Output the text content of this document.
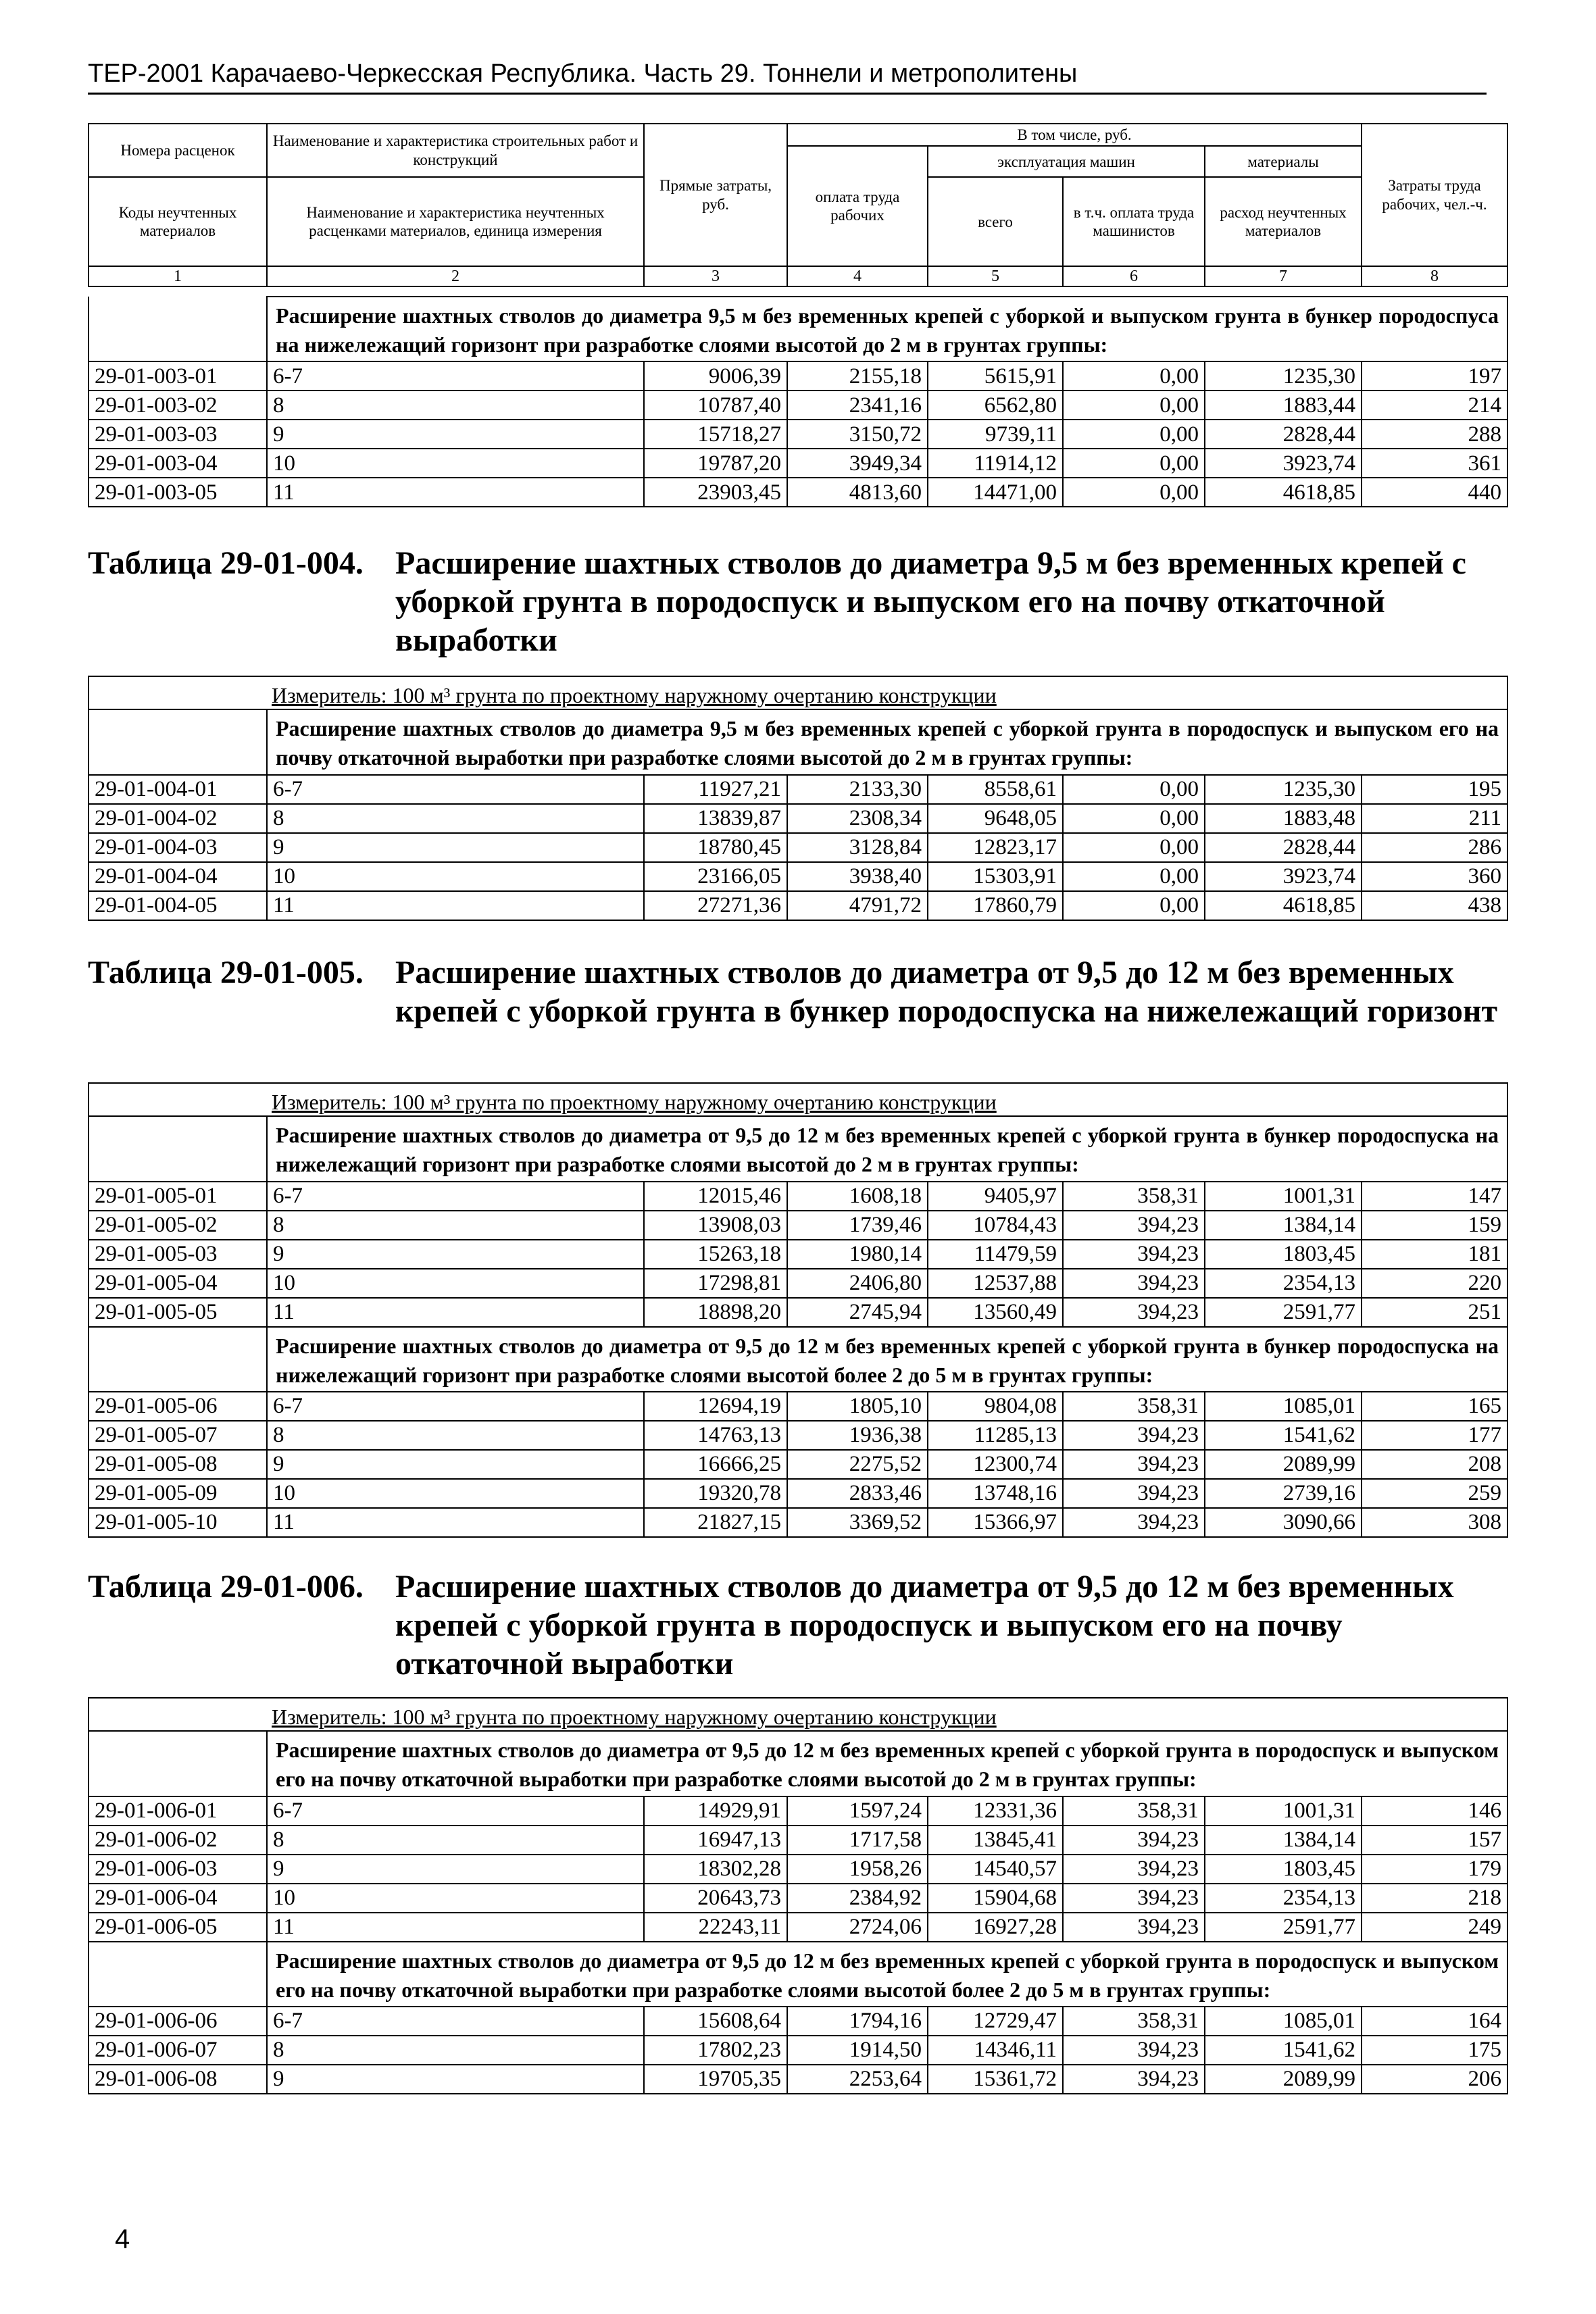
ТЕР-2001 Карачаево-Черкесская Республика. Часть 29. Тоннели и метрополитены
Номера расценок	Наименование и характеристика строительных работ и конструкций	Прямые затраты, руб.	В том числе, руб.				Затраты труда рабочих, чел.-ч.
			оплата труда рабочих	эксплуатация машин		материалы	
Коды неучтенных материалов	Наименование и характеристика неучтенных расценками материалов, единица измерения			всего	в т.ч. оплата труда машинистов	расход неучтенных материалов	
1	2	3	4	5	6	7	8
	Расширение шахтных стволов до диаметра 9,5 м без временных крепей с уборкой и выпуском грунта в бункер породоспуса на нижележащий горизонт при разработке слоями высотой до 2 м в грунтах группы:						
29-01-003-01	6-7	9006,39	2155,18	5615,91	0,00	1235,30	197
29-01-003-02	8	10787,40	2341,16	6562,80	0,00	1883,44	214
29-01-003-03	9	15718,27	3150,72	9739,11	0,00	2828,44	288
29-01-003-04	10	19787,20	3949,34	11914,12	0,00	3923,74	361
29-01-003-05	11	23903,45	4813,60	14471,00	0,00	4618,85	440
Таблица 29-01-004. Расширение шахтных стволов до диаметра 9,5 м без временных крепей с уборкой грунта в породоспуск и выпуском его на почву откаточной выработки
Измеритель: 100 м³ грунта по проектному наружному очертанию конструкции							
	Расширение шахтных стволов до диаметра 9,5 м без временных крепей с уборкой грунта в породоспуск и выпуском его на почву откаточной выработки при разработке слоями высотой до 2 м в грунтах группы:						
29-01-004-01	6-7	11927,21	2133,30	8558,61	0,00	1235,30	195
29-01-004-02	8	13839,87	2308,34	9648,05	0,00	1883,48	211
29-01-004-03	9	18780,45	3128,84	12823,17	0,00	2828,44	286
29-01-004-04	10	23166,05	3938,40	15303,91	0,00	3923,74	360
29-01-004-05	11	27271,36	4791,72	17860,79	0,00	4618,85	438
Таблица 29-01-005. Расширение шахтных стволов до диаметра от 9,5 до 12 м без временных крепей с уборкой грунта в бункер породоспуска на нижележащий горизонт
Измеритель: 100 м³ грунта по проектному наружному очертанию конструкции							
	Расширение шахтных стволов до диаметра от 9,5 до 12 м без временных крепей с уборкой грунта в бункер породоспуска на нижележащий горизонт при разработке слоями высотой до 2 м в грунтах группы:						
29-01-005-01	6-7	12015,46	1608,18	9405,97	358,31	1001,31	147
29-01-005-02	8	13908,03	1739,46	10784,43	394,23	1384,14	159
29-01-005-03	9	15263,18	1980,14	11479,59	394,23	1803,45	181
29-01-005-04	10	17298,81	2406,80	12537,88	394,23	2354,13	220
29-01-005-05	11	18898,20	2745,94	13560,49	394,23	2591,77	251
	Расширение шахтных стволов до диаметра от 9,5 до 12 м без временных крепей с уборкой грунта в бункер породоспуска на нижележащий горизонт при разработке слоями высотой более 2 до 5 м в грунтах группы:						
29-01-005-06	6-7	12694,19	1805,10	9804,08	358,31	1085,01	165
29-01-005-07	8	14763,13	1936,38	11285,13	394,23	1541,62	177
29-01-005-08	9	16666,25	2275,52	12300,74	394,23	2089,99	208
29-01-005-09	10	19320,78	2833,46	13748,16	394,23	2739,16	259
29-01-005-10	11	21827,15	3369,52	15366,97	394,23	3090,66	308
Таблица 29-01-006. Расширение шахтных стволов до диаметра от 9,5 до 12 м без временных крепей с уборкой грунта в породоспуск и выпуском его на почву откаточной выработки
Измеритель: 100 м³ грунта по проектному наружному очертанию конструкции							
	Расширение шахтных стволов до диаметра от 9,5 до 12 м без временных крепей с уборкой грунта в породоспуск и выпуском его на почву откаточной выработки при разработке слоями высотой до 2 м в грунтах группы:						
29-01-006-01	6-7	14929,91	1597,24	12331,36	358,31	1001,31	146
29-01-006-02	8	16947,13	1717,58	13845,41	394,23	1384,14	157
29-01-006-03	9	18302,28	1958,26	14540,57	394,23	1803,45	179
29-01-006-04	10	20643,73	2384,92	15904,68	394,23	2354,13	218
29-01-006-05	11	22243,11	2724,06	16927,28	394,23	2591,77	249
	Расширение шахтных стволов до диаметра от 9,5 до 12 м без временных крепей с уборкой грунта в породоспуск и выпуском его на почву откаточной выработки при разработке слоями высотой более 2 до 5 м в грунтах группы:						
29-01-006-06	6-7	15608,64	1794,16	12729,47	358,31	1085,01	164
29-01-006-07	8	17802,23	1914,50	14346,11	394,23	1541,62	175
29-01-006-08	9	19705,35	2253,64	15361,72	394,23	2089,99	206
4
